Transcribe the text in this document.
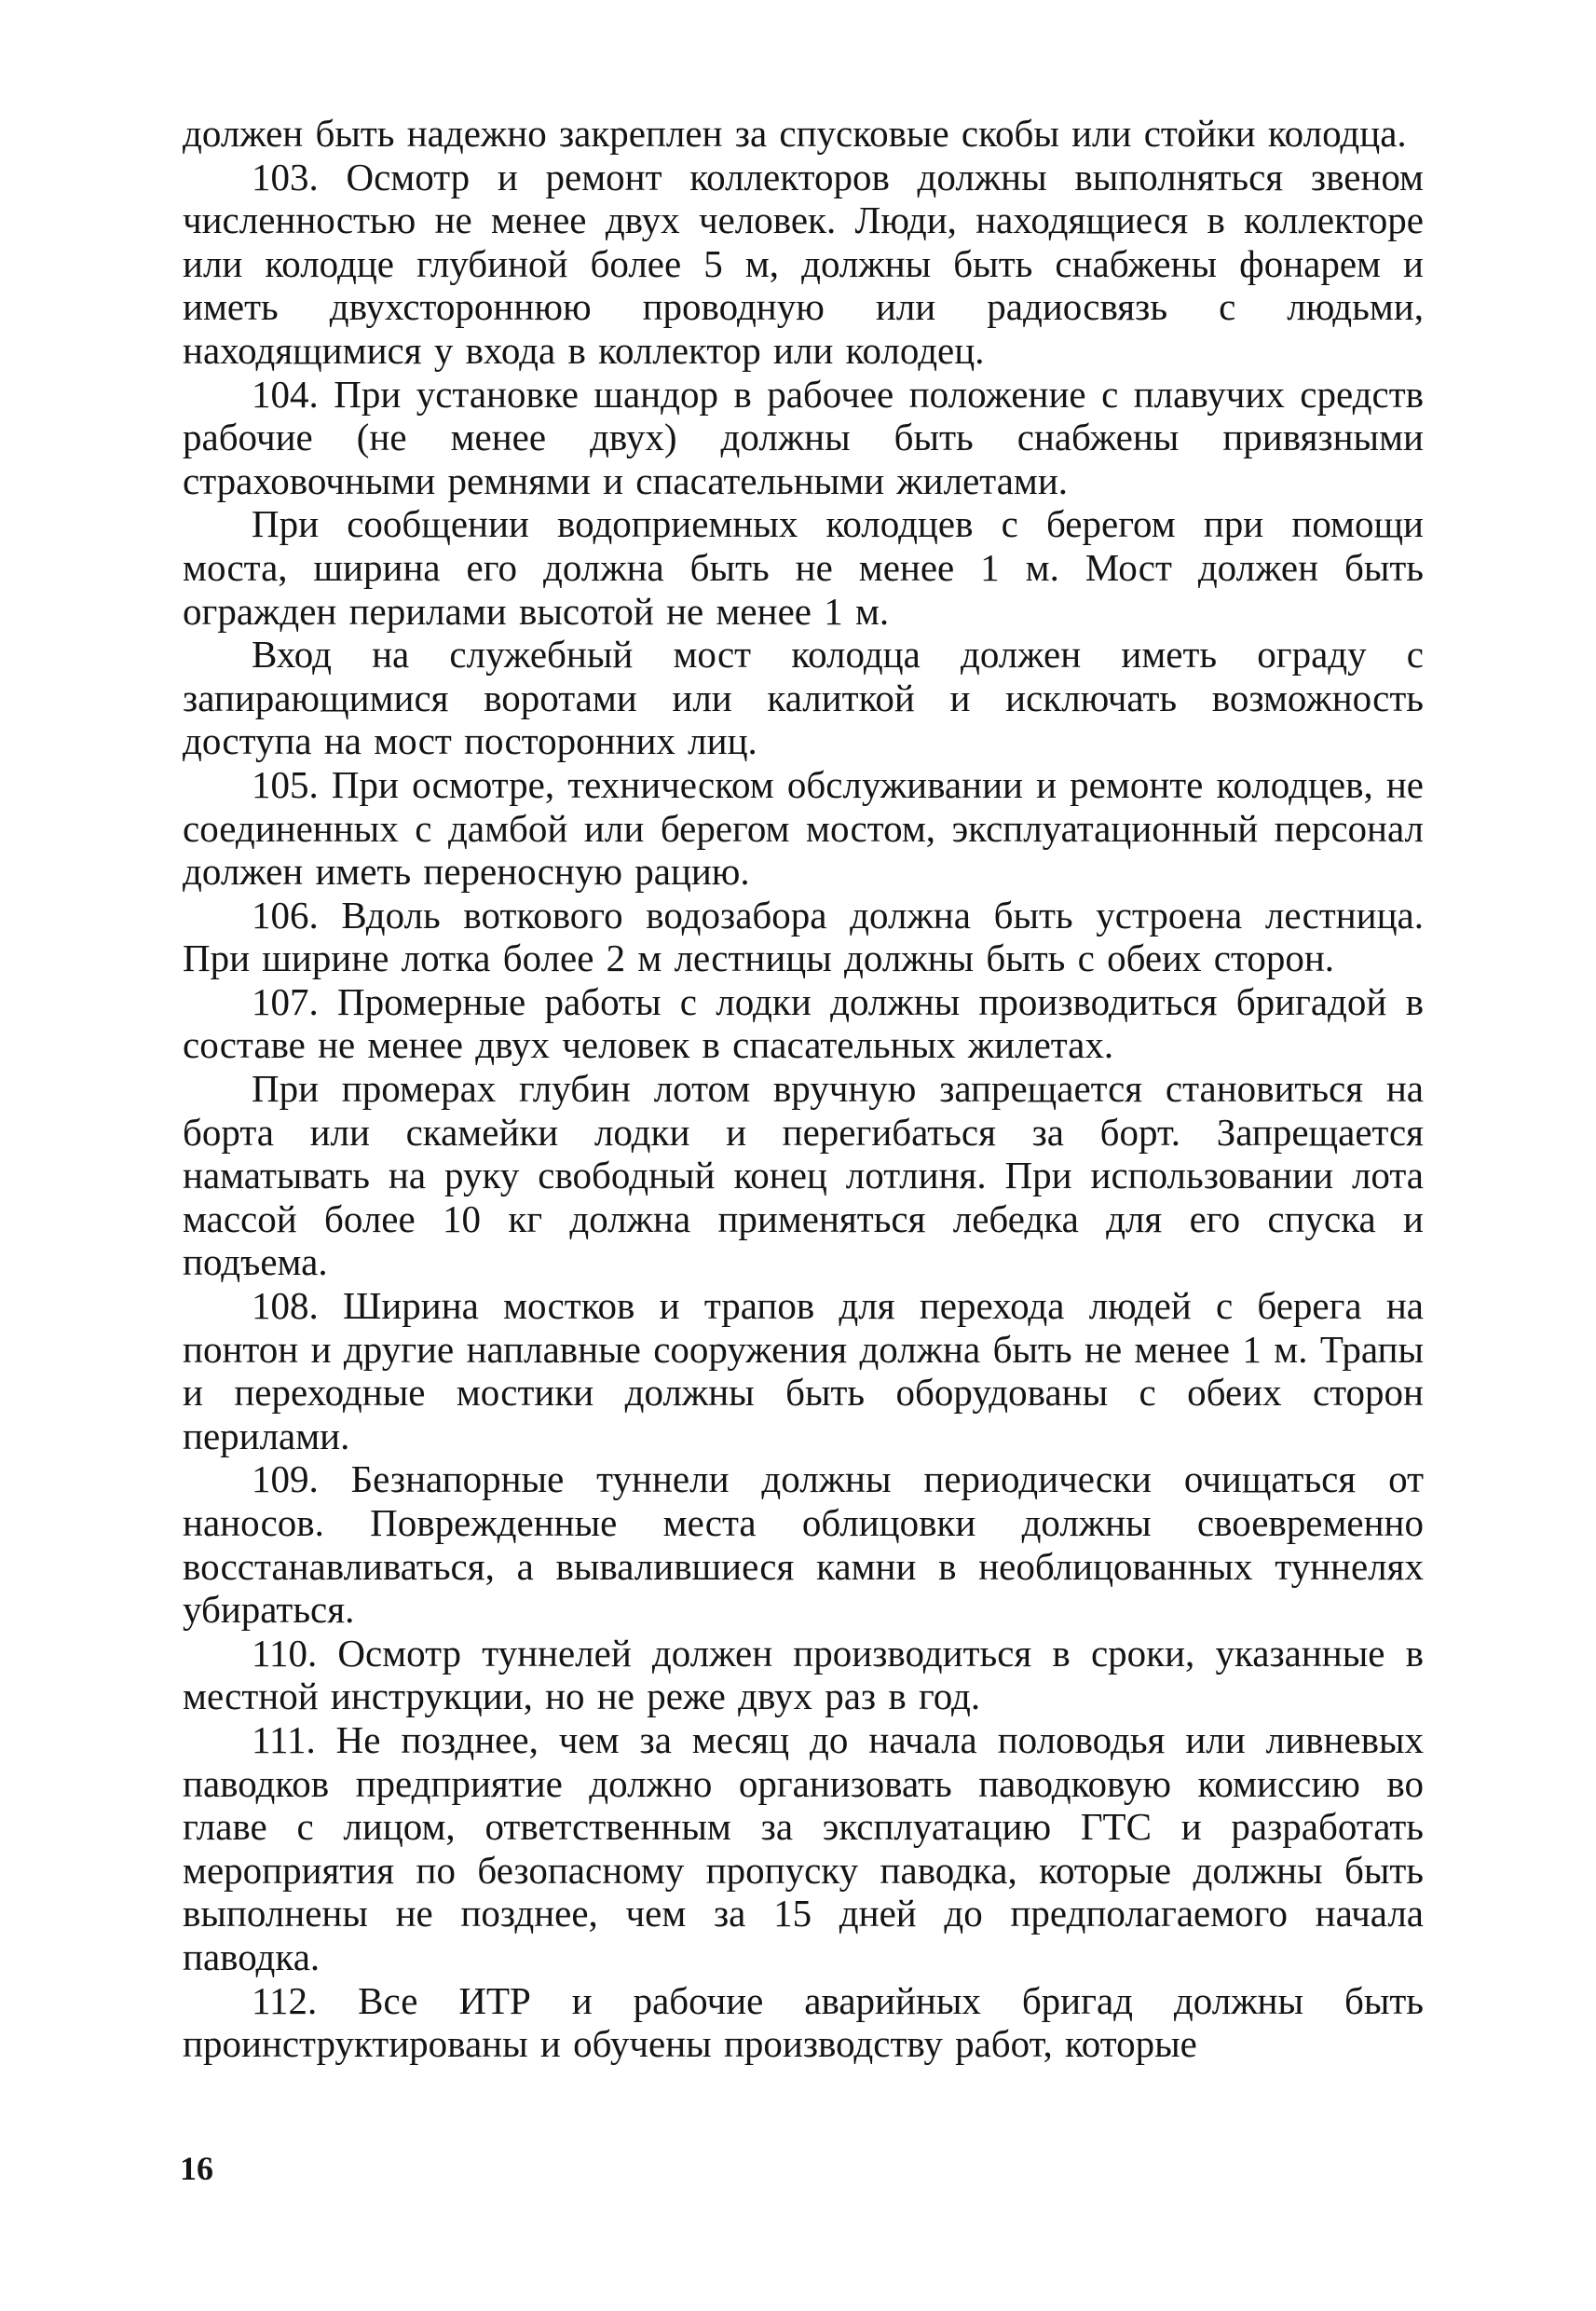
должен быть надежно закреплен за спусковые скобы или стойки колодца.

103. Осмотр и ремонт коллекторов должны выполняться звеном численностью не менее двух человек. Люди, находящиеся в коллекторе или колодце глубиной более 5 м, должны быть снабжены фонарем и иметь двухстороннюю проводную или радиосвязь с людьми, находящимися у входа в коллектор или колодец.

104. При установке шандор в рабочее положение с плавучих средств рабочие (не менее двух) должны быть снабжены привязными страховочными ремнями и спасательными жилетами.

При сообщении водоприемных колодцев с берегом при помощи моста, ширина его должна быть не менее 1 м. Мост должен быть огражден перилами высотой не менее 1 м.

Вход на служебный мост колодца должен иметь ограду с запирающимися воротами или калиткой и исключать возможность доступа на мост посторонних лиц.

105. При осмотре, техническом обслуживании и ремонте колодцев, не соединенных с дамбой или берегом мостом, эксплуатационный персонал должен иметь переносную рацию.

106. Вдоль воткового водозабора должна быть устроена лестница. При ширине лотка более 2 м лестницы должны быть с обеих сторон.

107. Промерные работы с лодки должны производиться бригадой в составе не менее двух человек в спасательных жилетах.

При промерах глубин лотом вручную запрещается становиться на борта или скамейки лодки и перегибаться за борт. Запрещается наматывать на руку свободный конец лотлиня. При использовании лота массой более 10 кг должна применяться лебедка для его спуска и подъема.

108. Ширина мостков и трапов для перехода людей с берега на понтон и другие наплавные сооружения должна быть не менее 1 м. Трапы и переходные мостики должны быть оборудованы с обеих сторон перилами.

109. Безнапорные туннели должны периодически очищаться от наносов. Поврежденные места облицовки должны своевременно восстанавливаться, а вывалившиеся камни в необлицованных туннелях убираться.

110. Осмотр туннелей должен производиться в сроки, указанные в местной инструкции, но не реже двух раз в год.

111. Не позднее, чем за месяц до начала половодья или ливневых паводков предприятие должно организовать паводковую комиссию во главе с лицом, ответственным за эксплуатацию ГТС и разработать мероприятия по безопасному пропуску паводка, которые должны быть выполнены не позднее, чем за 15 дней до предполагаемого начала паводка.

112. Все ИТР и рабочие аварийных бригад должны быть проинструктированы и обучены производству работ, которые

16
